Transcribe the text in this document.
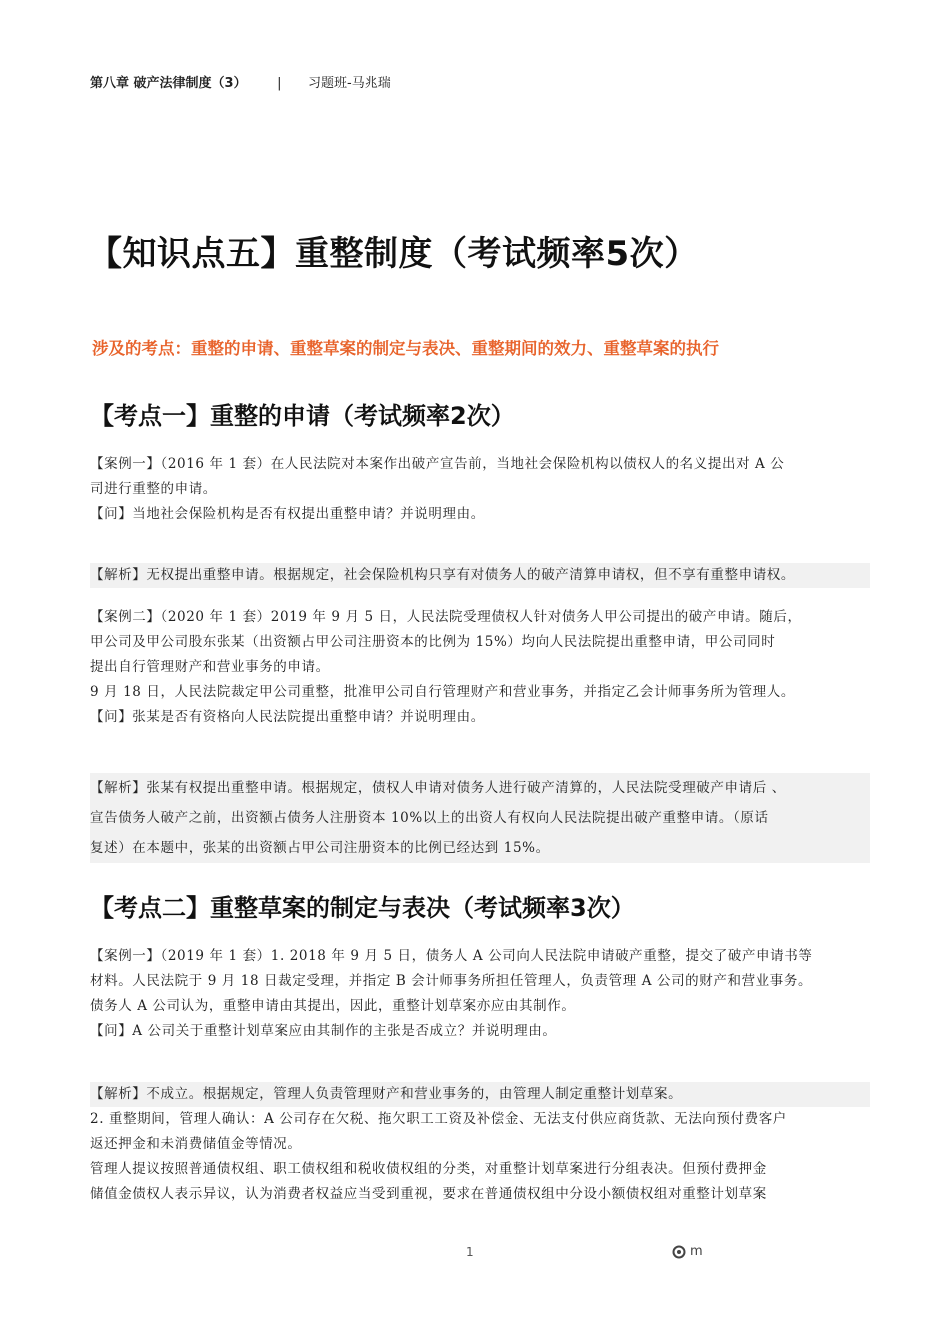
第八章 破产法律制度（3） | 习题班-马兆瑞
【知识点五】重整制度（考试频率5次）
涉及的考点：重整的申请、重整草案的制定与表决、重整期间的效力、重整草案的执行
【考点一】重整的申请（考试频率2次）

【案例一】（2016 年 1 套）在人民法院对本案作出破产宣告前，当地社会保险机构以债权人的名义提出对 A 公

司进行重整的申请。

【问】当地社会保险机构是否有权提出重整申请？并说明理由。

【解析】无权提出重整申请。根据规定，社会保险机构只享有对债务人的破产清算申请权，但不享有重整申请权。

【案例二】（2020 年 1 套）2019 年 9 月 5 日，人民法院受理债权人针对债务人甲公司提出的破产申请。随后，

甲公司及甲公司股东张某（出资额占甲公司注册资本的比例为 15%）均向人民法院提出重整申请，甲公司同时

提出自行管理财产和营业事务的申请。

9 月 18 日，人民法院裁定甲公司重整，批准甲公司自行管理财产和营业事务，并指定乙会计师事务所为管理人。

【问】张某是否有资格向人民法院提出重整申请？并说明理由。

【解析】张某有权提出重整申请。根据规定，债权人申请对债务人进行破产清算的，人民法院受理破产申请后 、

宣告债务人破产之前，出资额占债务人注册资本 10%以上的出资人有权向人民法院提出破产重整申请。（原话

复述）在本题中，张某的出资额占甲公司注册资本的比例已经达到 15%。

【考点二】重整草案的制定与表决（考试频率3次）

【案例一】（2019 年 1 套）1. 2018 年 9 月 5 日，债务人 A 公司向人民法院申请破产重整，提交了破产申请书等

材料。人民法院于 9 月 18 日裁定受理，并指定 B 会计师事务所担任管理人，负责管理 A 公司的财产和营业事务。

债务人 A 公司认为，重整申请由其提出，因此，重整计划草案亦应由其制作。

【问】A 公司关于重整计划草案应由其制作的主张是否成立？并说明理由。

【解析】不成立。根据规定，管理人负责管理财产和营业事务的，由管理人制定重整计划草案。

2. 重整期间，管理人确认：A 公司存在欠税、拖欠职工工资及补偿金、无法支付供应商货款、无法向预付费客户

返还押金和未消费储值金等情况。

管理人提议按照普通债权组、职工债权组和税收债权组的分类，对重整计划草案进行分组表决。但预付费押金

储值金债权人表示异议，认为消费者权益应当受到重视，要求在普通债权组中分设小额债权组对重整计划草案

1	m
